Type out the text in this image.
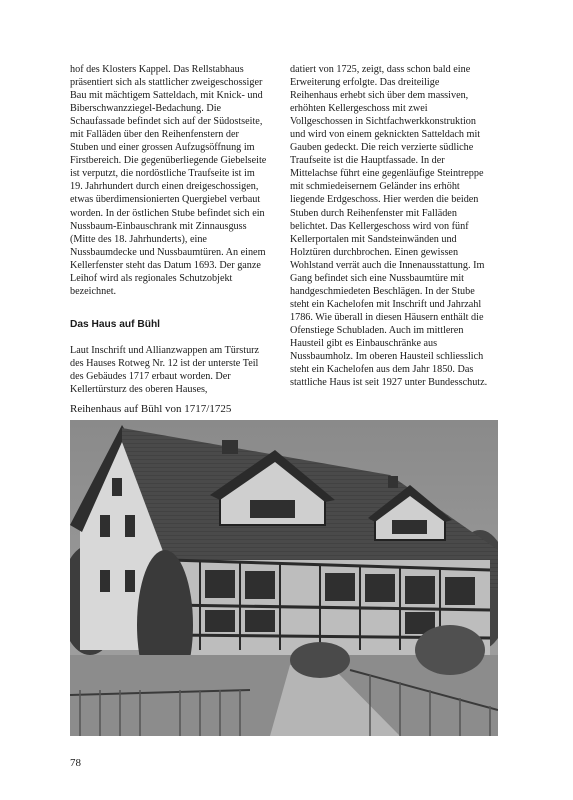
hof des Klosters Kappel. Das Rellstabhaus präsentiert sich als stattlicher zweigeschossiger Bau mit mächtigem Satteldach, mit Knick- und Biberschwanzziegel-Bedachung. Die Schaufassade befindet sich auf der Südostseite, mit Falläden über den Reihenfenstern der Stuben und einer grossen Aufzugsöffnung im Firstbereich. Die gegenüberliegende Giebelseite ist verputzt, die nordöstliche Traufseite ist im 19. Jahrhundert durch einen dreigeschossigen, etwas überdimensionierten Quergiebel verbaut worden. In der östlichen Stube befindet sich ein Nussbaum-Einbauschrank mit Zinnausguss (Mitte des 18. Jahrhunderts), eine Nussbaumdecke und Nussbaumtüren. An einem Kellerfenster steht das Datum 1693. Der ganze Leihof wird als regionales Schutzobjekt bezeichnet.

Das Haus auf Bühl

Laut Inschrift und Allianzwappen am Türsturz des Hauses Rotweg Nr. 12 ist der unterste Teil des Gebäudes 1717 erbaut worden. Der Kellertürsturz des oberen Hauses,

datiert von 1725, zeigt, dass schon bald eine Erweiterung erfolgte. Das dreiteilige Reihenhaus erhebt sich über dem massiven, erhöhten Kellergeschoss mit zwei Vollgeschossen in Sichtfachwerkkonstruktion und wird von einem geknickten Satteldach mit Gauben gedeckt. Die reich verzierte südliche Traufseite ist die Hauptfassade. In der Mittelachse führt eine gegenläufige Steintreppe mit schmiedeisernem Geländer ins erhöht liegende Erdgeschoss. Hier werden die beiden Stuben durch Reihenfenster mit Falläden belichtet. Das Kellergeschoss wird von fünf Kellerportalen mit Sandsteinwänden und Holztüren durchbrochen. Einen gewissen Wohlstand verrät auch die Innenausstattung. Im Gang befindet sich eine Nussbaumtüre mit handgeschmiedeten Beschlägen. In der Stube steht ein Kachelofen mit Inschrift und Jahrzahl 1786. Wie überall in diesen Häusern enthält die Ofenstiege Schubladen. Auch im mittleren Hausteil gibt es Einbauschränke aus Nussbaumholz. Im oberen Hausteil schliesslich steht ein Kachelofen aus dem Jahr 1850. Das stattliche Haus ist seit 1927 unter Bundesschutz.

Reihenhaus auf Bühl von 1717/1725
78
